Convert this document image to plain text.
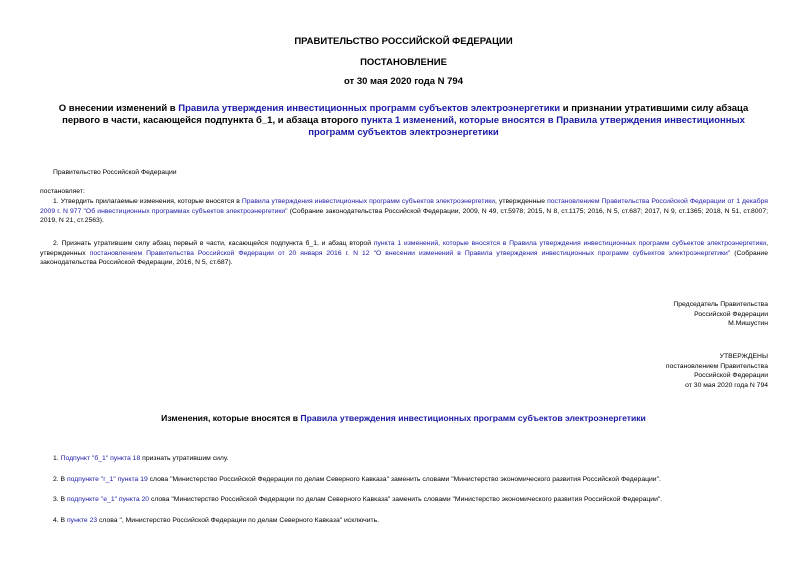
ПРАВИТЕЛЬСТВО РОССИЙСКОЙ ФЕДЕРАЦИИ
ПОСТАНОВЛЕНИЕ
от 30 мая 2020 года N 794
О внесении изменений в Правила утверждения инвестиционных программ субъектов электроэнергетики и признании утратившими силу абзаца первого в части, касающейся подпункта б_1, и абзаца второго пункта 1 изменений, которые вносятся в Правила утверждения инвестиционных программ субъектов электроэнергетики
Правительство Российской Федерации
постановляет:
1. Утвердить прилагаемые изменения, которые вносятся в Правила утверждения инвестиционных программ субъектов электроэнергетики, утвержденные постановлением Правительства Российской Федерации от 1 декабря 2009 г. N 977 "Об инвестиционных программах субъектов электроэнергетики" (Собрание законодательства Российской Федерации, 2009, N 49, ст.5978; 2015, N 8, ст.1175; 2016, N 5, ст.687; 2017, N 9, ст.1365; 2018, N 51, ст.8007; 2019, N 21, ст.2563).
2. Признать утратившим силу абзац первый в части, касающейся подпункта б_1, и абзац второй пункта 1 изменений, которые вносятся в Правила утверждения инвестиционных программ субъектов электроэнергетики, утвержденных постановлением Правительства Российской Федерации от 20 января 2016 г. N 12 "О внесении изменений в Правила утверждения инвестиционных программ субъектов электроэнергетики" (Собрание законодательства Российской Федерации, 2016, N 5, ст.687).
Председатель Правительства
Российской Федерации
М.Мишустин
УТВЕРЖДЕНЫ
постановлением Правительства
Российской Федерации
от 30 мая 2020 года N 794
Изменения, которые вносятся в Правила утверждения инвестиционных программ субъектов электроэнергетики
1. Подпункт "б_1" пункта 18 признать утратившим силу.
2. В подпункте "г_1" пункта 19 слова "Министерство Российской Федерации по делам Северного Кавказа" заменить словами "Министерство экономического развития Российской Федерации".
3. В подпункте "е_1" пункта 20 слова "Министерство Российской Федерации по делам Северного Кавказа" заменить словами "Министерство экономического развития Российской Федерации".
4. В пункте 23 слова ", Министерство Российской Федерации по делам Северного Кавказа" исключить.
